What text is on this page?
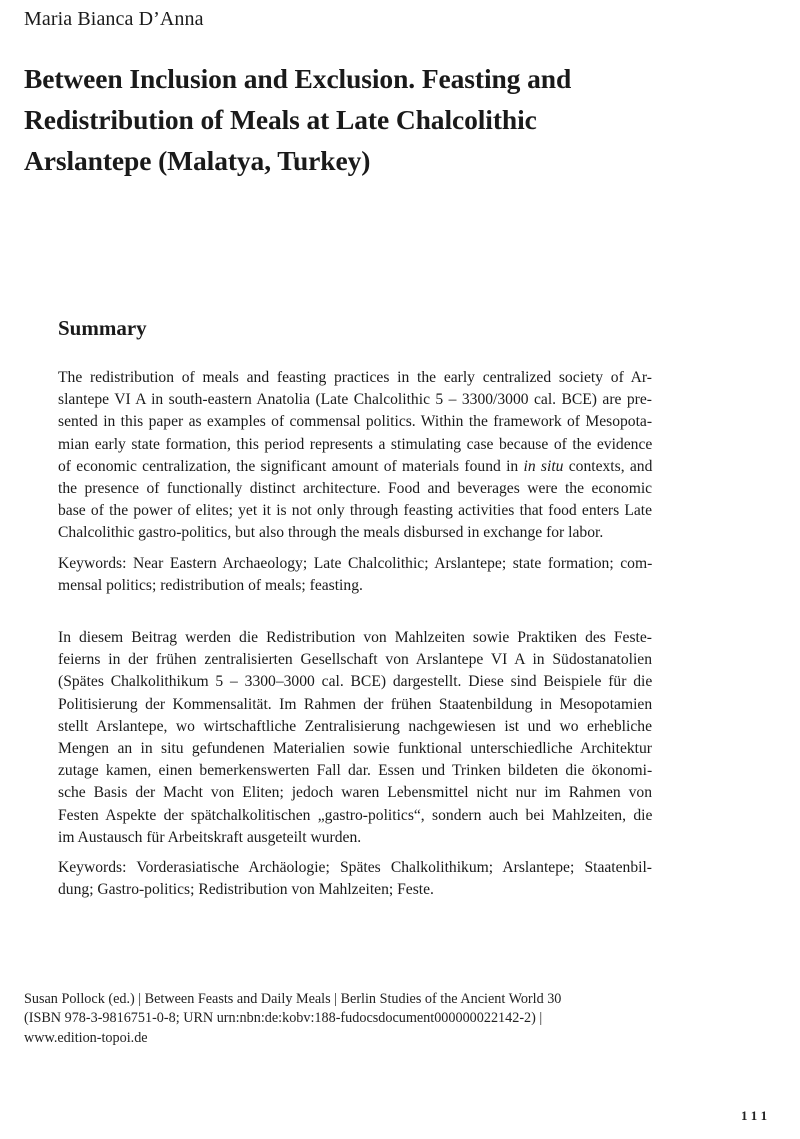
Maria Bianca D’Anna
Between Inclusion and Exclusion. Feasting and
Redistribution of Meals at Late Chalcolithic
Arslantepe (Malatya, Turkey)
Summary
The redistribution of meals and feasting practices in the early centralized society of Ar-
slantepe VI A in south-eastern Anatolia (Late Chalcolithic 5 – 3300/3000 cal. BCE) are pre-
sented in this paper as examples of commensal politics. Within the framework of Mesopota-
mian early state formation, this period represents a stimulating case because of the evidence
of economic centralization, the significant amount of materials found in in situ contexts, and
the presence of functionally distinct architecture. Food and beverages were the economic
base of the power of elites; yet it is not only through feasting activities that food enters Late
Chalcolithic gastro-politics, but also through the meals disbursed in exchange for labor.
Keywords: Near Eastern Archaeology; Late Chalcolithic; Arslantepe; state formation; com-
mensal politics; redistribution of meals; feasting.
In diesem Beitrag werden die Redistribution von Mahlzeiten sowie Praktiken des Feste-
feierns in der frühen zentralisierten Gesellschaft von Arslantepe VI A in Südostanatolien
(Spätes Chalkolithikum 5 – 3300–3000 cal. BCE) dargestellt. Diese sind Beispiele für die
Politisierung der Kommensalität. Im Rahmen der frühen Staatenbildung in Mesopotamien
stellt Arslantepe, wo wirtschaftliche Zentralisierung nachgewiesen ist und wo erhebliche
Mengen an in situ gefundenen Materialien sowie funktional unterschiedliche Architektur
zutage kamen, einen bemerkenswerten Fall dar. Essen und Trinken bildeten die ökonomi-
sche Basis der Macht von Eliten; jedoch waren Lebensmittel nicht nur im Rahmen von
Festen Aspekte der spätchalkolitischen „gastro-politics“, sondern auch bei Mahlzeiten, die
im Austausch für Arbeitskraft ausgeteilt wurden.
Keywords: Vorderasiatische Archäologie; Spätes Chalkolithikum; Arslantepe; Staatenbil-
dung; Gastro-politics; Redistribution von Mahlzeiten; Feste.
Susan Pollock (ed.) | Between Feasts and Daily Meals | Berlin Studies of the Ancient World 30
(ISBN 978-3-9816751-0-8; URN urn:nbn:de:kobv:188-fudocsdocument000000022142-2) |
www.edition-topoi.de
111
